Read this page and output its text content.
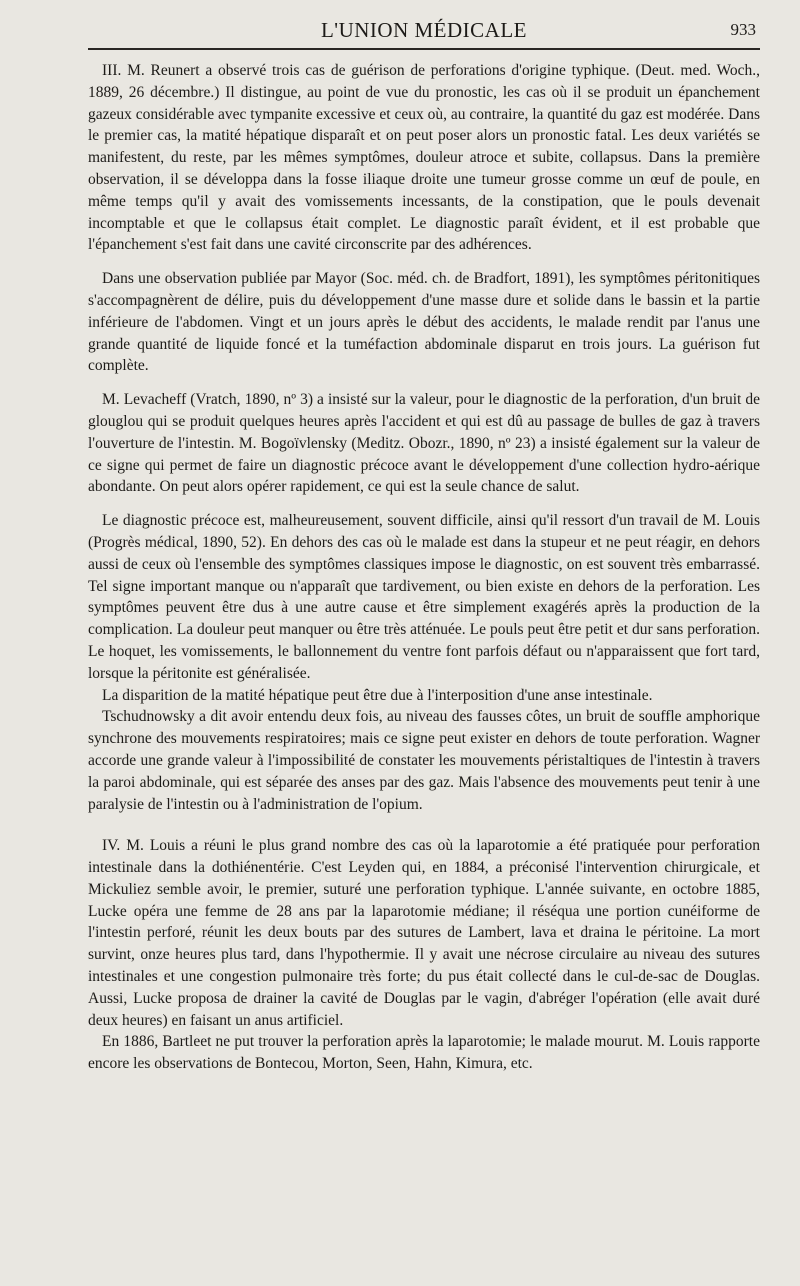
L'UNION MÉDICALE	933

III. M. Reunert a observé trois cas de guérison de perforations d'origine typhique. (Deut. med. Woch., 1889, 26 décembre.) Il distingue, au point de vue du pronostic, les cas où il se produit un épanchement gazeux considérable avec tympanite excessive et ceux où, au contraire, la quantité du gaz est modérée. Dans le premier cas, la matité hépatique disparaît et on peut poser alors un pronostic fatal. Les deux variétés se manifestent, du reste, par les mêmes symptômes, douleur atroce et subite, collapsus. Dans la première observation, il se développa dans la fosse iliaque droite une tumeur grosse comme un œuf de poule, en même temps qu'il y avait des vomissements incessants, de la constipation, que le pouls devenait incomptable et que le collapsus était complet. Le diagnostic paraît évident, et il est probable que l'épanchement s'est fait dans une cavité circonscrite par des adhérences.

Dans une observation publiée par Mayor (Soc. méd. ch. de Bradfort, 1891), les symptômes péritonitiques s'accompagnèrent de délire, puis du développement d'une masse dure et solide dans le bassin et la partie inférieure de l'abdomen. Vingt et un jours après le début des accidents, le malade rendit par l'anus une grande quantité de liquide foncé et la tuméfaction abdominale disparut en trois jours. La guérison fut complète.

M. Levacheff (Vratch, 1890, nº 3) a insisté sur la valeur, pour le diagnostic de la perforation, d'un bruit de glouglou qui se produit quelques heures après l'accident et qui est dû au passage de bulles de gaz à travers l'ouverture de l'intestin. M. Bogoïvlensky (Meditz. Obozr., 1890, nº 23) a insisté également sur la valeur de ce signe qui permet de faire un diagnostic précoce avant le développement d'une collection hydro-aérique abondante. On peut alors opérer rapidement, ce qui est la seule chance de salut.

Le diagnostic précoce est, malheureusement, souvent difficile, ainsi qu'il ressort d'un travail de M. Louis (Progrès médical, 1890, 52). En dehors des cas où le malade est dans la stupeur et ne peut réagir, en dehors aussi de ceux où l'ensemble des symptômes classiques impose le diagnostic, on est souvent très embarrassé. Tel signe important manque ou n'apparaît que tardivement, ou bien existe en dehors de la perforation. Les symptômes peuvent être dus à une autre cause et être simplement exagérés après la production de la complication. La douleur peut manquer ou être très atténuée. Le pouls peut être petit et dur sans perforation. Le hoquet, les vomissements, le ballonnement du ventre font parfois défaut ou n'apparaissent que fort tard, lorsque la péritonite est généralisée.

La disparition de la matité hépatique peut être due à l'interposition d'une anse intestinale.

Tschudnowsky a dit avoir entendu deux fois, au niveau des fausses côtes, un bruit de souffle amphorique synchrone des mouvements respiratoires; mais ce signe peut exister en dehors de toute perforation. Wagner accorde une grande valeur à l'impossibilité de constater les mouvements péristaltiques de l'intestin à travers la paroi abdominale, qui est séparée des anses par des gaz. Mais l'absence des mouvements peut tenir à une paralysie de l'intestin ou à l'administration de l'opium.

IV. M. Louis a réuni le plus grand nombre des cas où la laparotomie a été pratiquée pour perforation intestinale dans la dothiénentérie. C'est Leyden qui, en 1884, a préconisé l'intervention chirurgicale, et Mickuliez semble avoir, le premier, suturé une perforation typhique. L'année suivante, en octobre 1885, Lucke opéra une femme de 28 ans par la laparotomie médiane; il réséqua une portion cunéiforme de l'intestin perforé, réunit les deux bouts par des sutures de Lambert, lava et draina le péritoine. La mort survint, onze heures plus tard, dans l'hypothermie. Il y avait une nécrose circulaire au niveau des sutures intestinales et une congestion pulmonaire très forte; du pus était collecté dans le cul-de-sac de Douglas. Aussi, Lucke proposa de drainer la cavité de Douglas par le vagin, d'abréger l'opération (elle avait duré deux heures) en faisant un anus artificiel.

En 1886, Bartleet ne put trouver la perforation après la laparotomie; le malade mourut. M. Louis rapporte encore les observations de Bontecou, Morton, Seen, Hahn, Kimura, etc.
